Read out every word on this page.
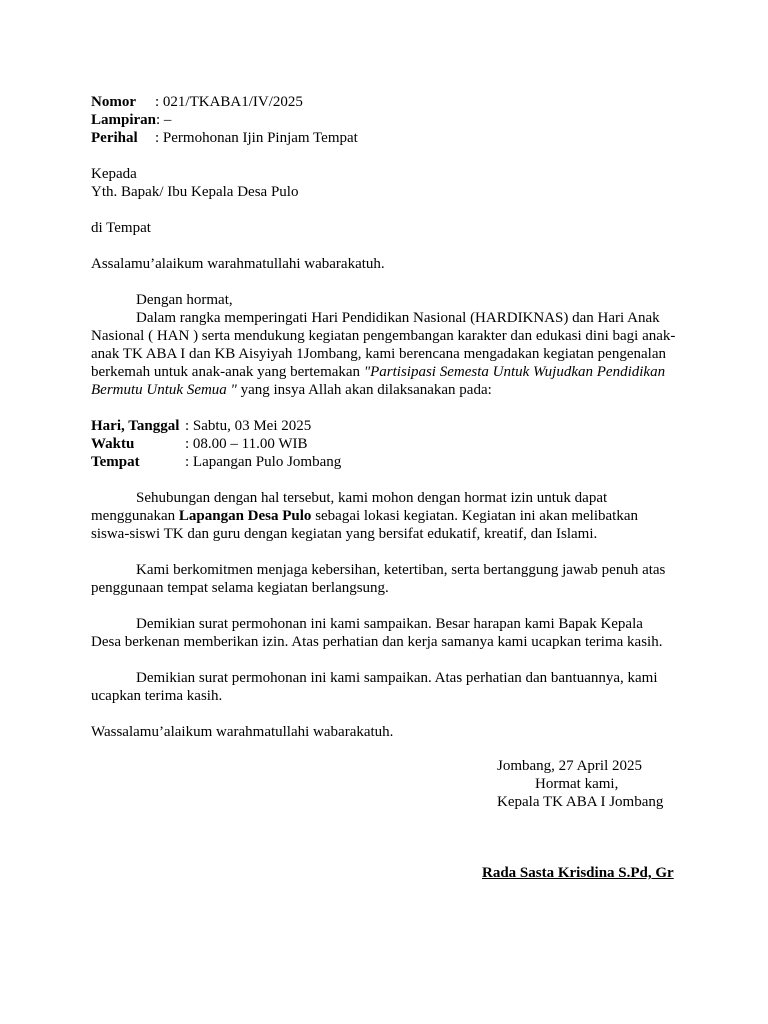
Nomor : 021/TKABA1/IV/2025
Lampiran: –
Perihal : Permohonan Ijin Pinjam Tempat
Kepada
Yth. Bapak/ Ibu Kepala Desa Pulo
di Tempat
Assalamu’alaikum warahmatullahi wabarakatuh.
Dengan hormat,
Dalam rangka memperingati Hari Pendidikan Nasional (HARDIKNAS) dan Hari Anak
Nasional ( HAN ) serta mendukung kegiatan pengembangan karakter dan edukasi dini bagi anak-
anak TK ABA I dan KB Aisyiyah 1Jombang, kami berencana mengadakan kegiatan pengenalan
berkemah untuk anak-anak yang bertemakan "Partisipasi Semesta Untuk Wujudkan Pendidikan
Bermutu Untuk Semua " yang insya Allah akan dilaksanakan pada:
Hari, Tanggal : Sabtu, 03 Mei 2025
Waktu	: 08.00 – 11.00 WIB
Tempat	: Lapangan Pulo Jombang
Sehubungan dengan hal tersebut, kami mohon dengan hormat izin untuk dapat
menggunakan Lapangan Desa Pulo sebagai lokasi kegiatan. Kegiatan ini akan melibatkan
siswa-siswi TK dan guru dengan kegiatan yang bersifat edukatif, kreatif, dan Islami.
Kami berkomitmen menjaga kebersihan, ketertiban, serta bertanggung jawab penuh atas
penggunaan tempat selama kegiatan berlangsung.
Demikian surat permohonan ini kami sampaikan. Besar harapan kami Bapak Kepala
Desa berkenan memberikan izin. Atas perhatian dan kerja samanya kami ucapkan terima kasih.
Demikian surat permohonan ini kami sampaikan. Atas perhatian dan bantuannya, kami
ucapkan terima kasih.
Wassalamu’alaikum warahmatullahi wabarakatuh.
Jombang, 27 April 2025
Hormat kami,
Kepala TK ABA I Jombang
Rada Sasta Krisdina S.Pd, Gr
